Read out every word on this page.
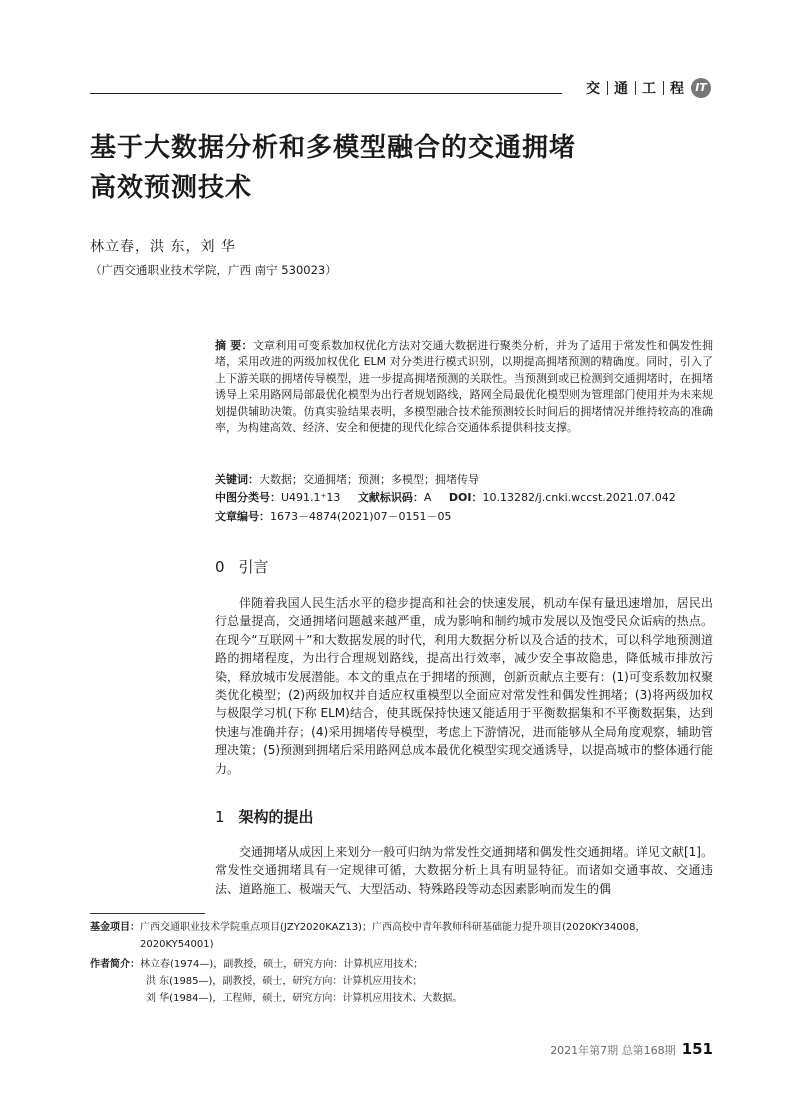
交 通 工 程 IT
基于大数据分析和多模型融合的交通拥堵
高效预测技术
林立春，洪 东，刘 华
（广西交通职业技术学院，广西 南宁 530023）
摘 要：文章利用可变系数加权优化方法对交通大数据进行聚类分析，并为了适用于常发性和偶发性拥堵，采用改进的两级加权优化 ELM 对分类进行模式识别，以期提高拥堵预测的精确度。同时，引入了上下游关联的拥堵传导模型，进一步提高拥堵预测的关联性。当预测到或已检测到交通拥堵时，在拥堵诱导上采用路网局部最优化模型为出行者规划路线，路网全局最优化模型则为管理部门使用并为未来规划提供辅助决策。仿真实验结果表明，多模型融合技术能预测较长时间后的拥堵情况并维持较高的准确率，为构建高效、经济、安全和便捷的现代化综合交通体系提供科技支撑。
关键词：大数据；交通拥堵；预测；多模型；拥堵传导
中图分类号：U491.1⁺13 文献标识码：A DOI：10.13282/j.cnki.wccst.2021.07.042
文章编号：1673－4874(2021)07－0151－05
0 引言

伴随着我国人民生活水平的稳步提高和社会的快速发展，机动车保有量迅速增加，居民出行总量提高，交通拥堵问题越来越严重，成为影响和制约城市发展以及饱受民众诟病的热点。在现今“互联网＋”和大数据发展的时代，利用大数据分析以及合适的技术，可以科学地预测道路的拥堵程度，为出行合理规划路线，提高出行效率，减少安全事故隐患，降低城市排放污染，释放城市发展潜能。本文的重点在于拥堵的预测，创新贡献点主要有：(1)可变系数加权聚类优化模型；(2)两级加权并自适应权重模型以全面应对常发性和偶发性拥堵；(3)将两级加权与极限学习机(下称 ELM)结合，使其既保持快速又能适用于平衡数据集和不平衡数据集，达到快速与准确并存；(4)采用拥堵传导模型，考虑上下游情况，进而能够从全局角度观察，辅助管理决策；(5)预测到拥堵后采用路网总成本最优化模型实现交通诱导，以提高城市的整体通行能力。

1 架构的提出

交通拥堵从成因上来划分一般可归纳为常发性交通拥堵和偶发性交通拥堵。详见文献[1]。常发性交通拥堵具有一定规律可循，大数据分析上具有明显特征。而诸如交通事故、交通违法、道路施工、极端天气、大型活动、特殊路段等动态因素影响而发生的偶

基金项目： 广西交通职业技术学院重点项目(JZY2020KAZ13)；广西高校中青年教师科研基础能力提升项目(2020KY34008，2020KY54001)
作者简介： 林立春(1974—)，副教授，硕士，研究方向：计算机应用技术；
洪 东(1985—)，副教授，硕士，研究方向：计算机应用技术；
刘 华(1984—)，工程师，硕士，研究方向：计算机应用技术、大数据。
2021年第7期 总第168期 151
